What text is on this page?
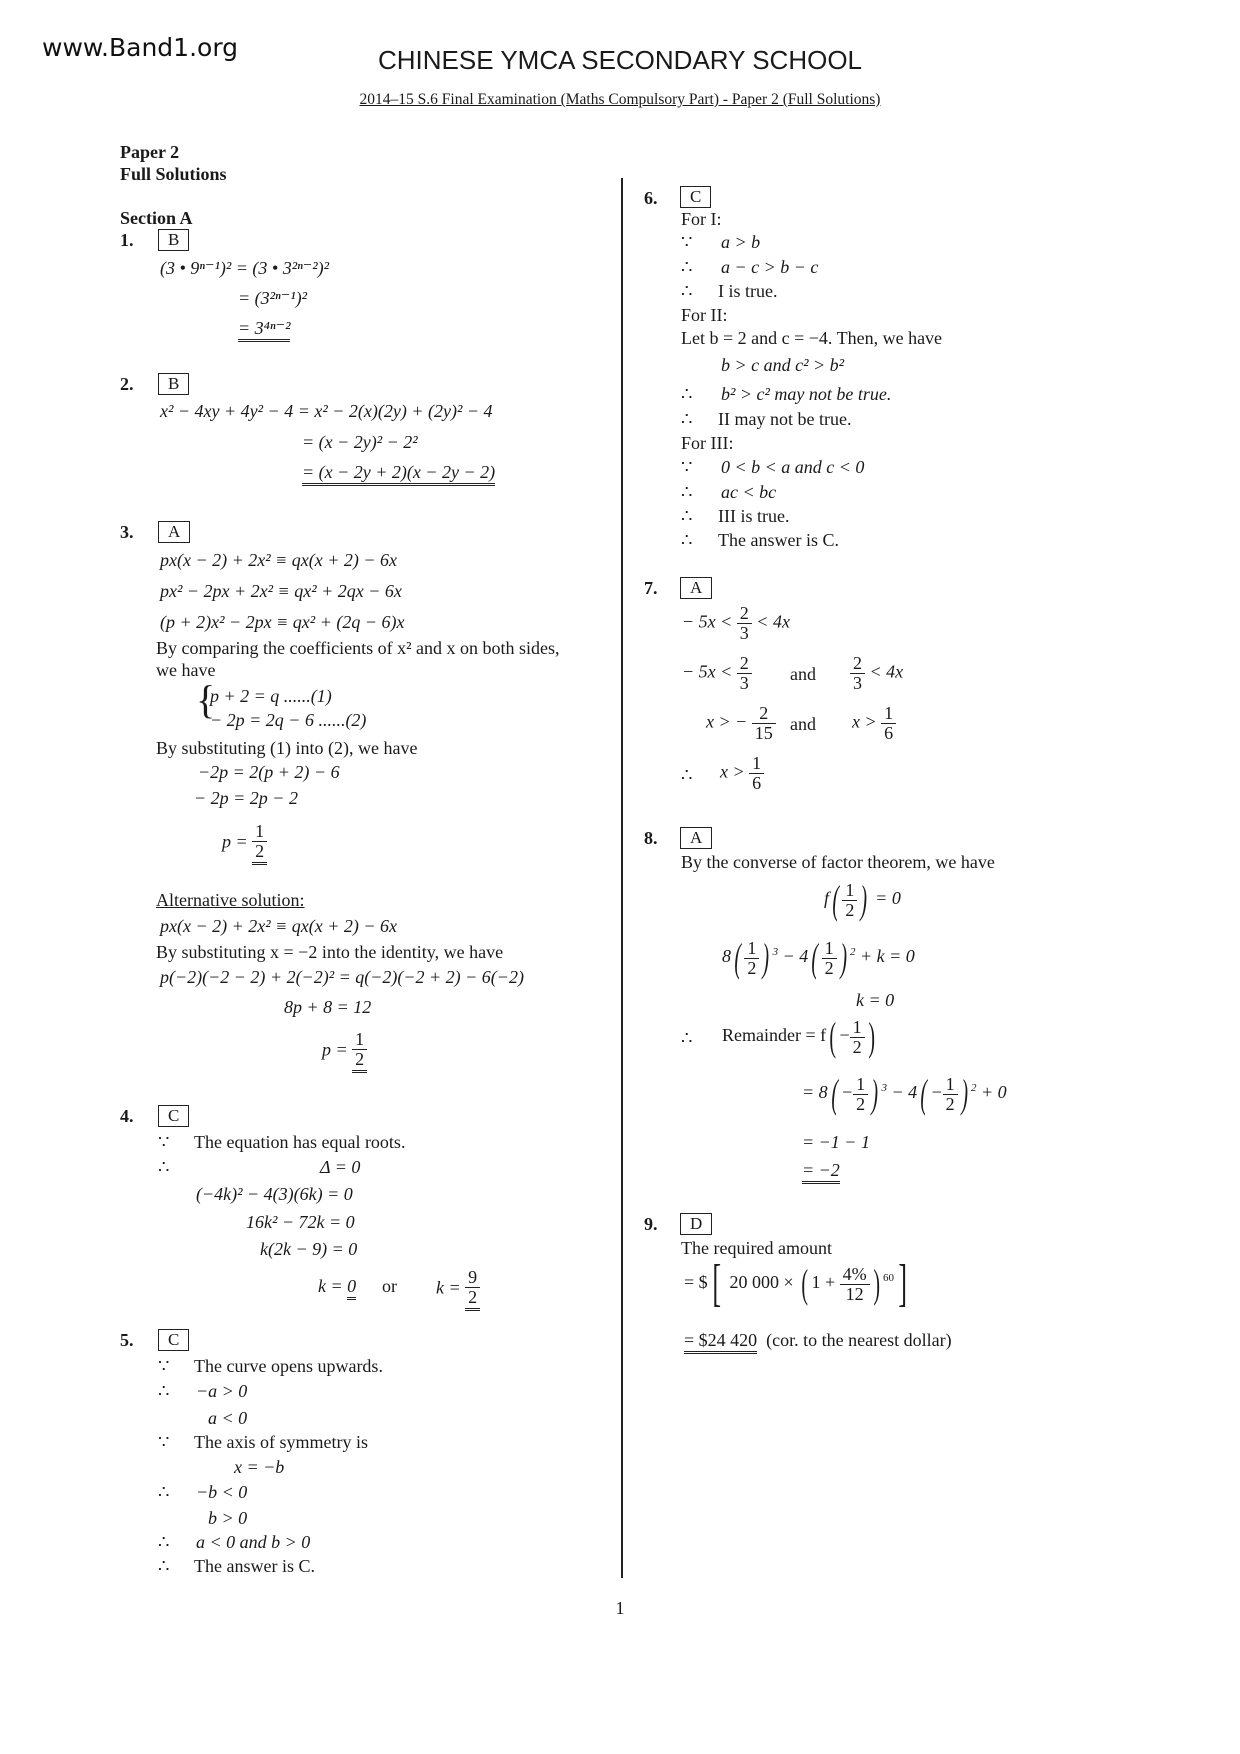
www.Band1.org	CHINESE YMCA SECONDARY SCHOOL
2014–15 S.6 Final Examination (Maths Compulsory Part) - Paper 2 (Full Solutions)
Paper 2
Full Solutions
Section A
1.	B
(3 • 9ⁿ⁻¹)² = (3 • 3²ⁿ⁻²)²
= (3²ⁿ⁻¹)²
= 3⁴ⁿ⁻²
2.	B
x² − 4xy + 4y² − 4 = x² − 2(x)(2y) + (2y)² − 4
= (x − 2y)² − 2²
= (x − 2y + 2)(x − 2y − 2)
3.	A
px(x − 2) + 2x² ≡ qx(x + 2) − 6x
px² − 2px + 2x² ≡ qx² + 2qx − 6x
(p + 2)x² − 2px ≡ qx² + (2q − 6)x
By comparing the coefficients of x² and x on both sides,
we have
{
p + 2 = q ......(1)
− 2p = 2q − 6 ......(2)
By substituting (1) into (2), we have
−2p = 2(p + 2) − 6
− 2p = 2p − 2
$p = \frac{1}{2}$
Alternative solution:
px(x − 2) + 2x² ≡ qx(x + 2) − 6x
By substituting x = −2 into the identity, we have
p(−2)(−2 − 2) + 2(−2)² = q(−2)(−2 + 2) − 6(−2)
8p + 8 = 12
$p = \frac{1}{2}$
4.	C
∵ The equation has equal roots.
∴	Δ = 0
(−4k)² − 4(3)(6k) = 0
16k² − 72k = 0
k(2k − 9) = 0
k = 0 or $k = \frac{9}{2}$
5.	C
∵ The curve opens upwards.
∴ −a > 0
a < 0
∵ The axis of symmetry is
x = −b
∴ −b < 0
b > 0
∴ a < 0 and b > 0
∴ The answer is C.
6.	C
For I:
∵ a > b
∴ a − c > b − c
∴ I is true.
For II:
Let b = 2 and c = −4. Then, we have
b > c and c² > b²
∴ b² > c² may not be true.
∴ II may not be true.
For III:
∵ 0 < b < a and c < 0
∴ ac < bc
∴ III is true.
∴ The answer is C.
7.	A
− $5x < \frac{2}{3} < 4x$
− $5x < \frac{2}{3}$ and $\frac{2}{3} < 4x$
x > − $\frac{2}{15}$ and $x > \frac{1}{6}$
∴ $x > \frac{1}{6}$
8.	A
By the converse of factor theorem, we have
$f( \frac{1}{2}$ ) = 0
$8( \frac{1}{2}$ ) $^3 - 4( \frac{1}{2}$ ) $^2$ + k = 0
k = 0
∴ Remainder = $f( - \frac{1}{2}$ )
= $8( - \frac{1}{2}$ ) $^3 - 4( - \frac{1}{2}$ ) $^2$ + 0
= −1 − 1
= −2
9.	D
The required amount
= $[ 20 000 × ( $1 + \frac{4\%}{12}$ ) $^{60}$]
= $24 420 (cor. to the nearest dollar)
1
